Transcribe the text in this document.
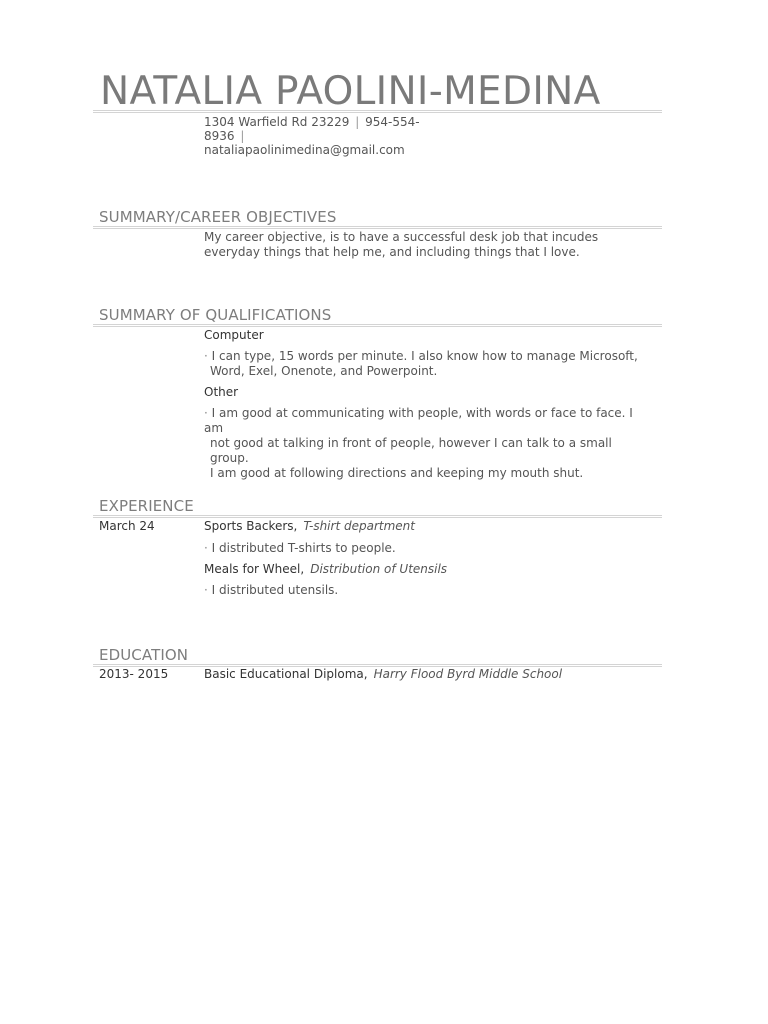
NATALIA PAOLINI-MEDINA
1304 Warfield Rd 23229 | 954-554-
8936 | nataliapaolinimedina@gmail.com
SUMMARY/CAREER OBJECTIVES
My career objective, is to have a successful desk job that incudes
everyday things that help me, and including things that I love.
SUMMARY OF QUALIFICATIONS
Computer
· I can type, 15 words per minute. I also know how to manage Microsoft,
Word, Exel, Onenote, and Powerpoint.
Other
· I am good at communicating with people, with words or face to face. I am
not good at talking in front of people, however I can talk to a small group.
I am good at following directions and keeping my mouth shut.
EXPERIENCE
March 24	Sports Backers, T-shirt department
· I distributed T-shirts to people.
Meals for Wheel, Distribution of Utensils
· I distributed utensils.
EDUCATION
2013- 2015	Basic Educational Diploma, Harry Flood Byrd Middle School
